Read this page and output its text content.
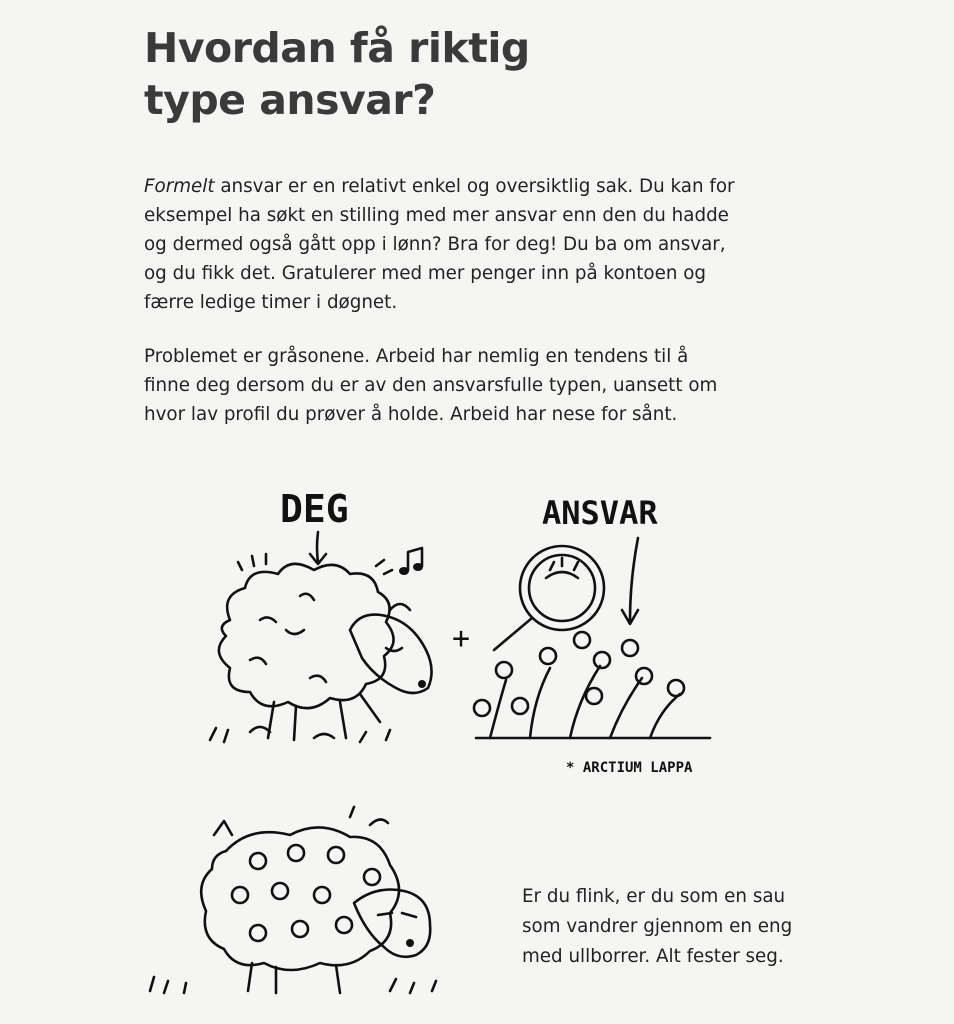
Hvordan få riktig
type ansvar?

Formelt ansvar er en relativt enkel og oversiktlig sak. Du kan for
eksempel ha søkt en stilling med mer ansvar enn den du hadde
og dermed også gått opp i lønn? Bra for deg! Du ba om ansvar,
og du fikk det. Gratulerer med mer penger inn på kontoen og
færre ledige timer i døgnet.

Problemet er gråsonene. Arbeid har nemlig en tendens til å
finne deg dersom du er av den ansvarsfulle typen, uansett om
hvor lav profil du prøver å holde. Arbeid har nese for sånt.

DEG
+
ANSVAR
* ARCTIUM LAPPA

Er du flink, er du som en sau
som vandrer gjennom en eng
med ullborrer. Alt fester seg.
